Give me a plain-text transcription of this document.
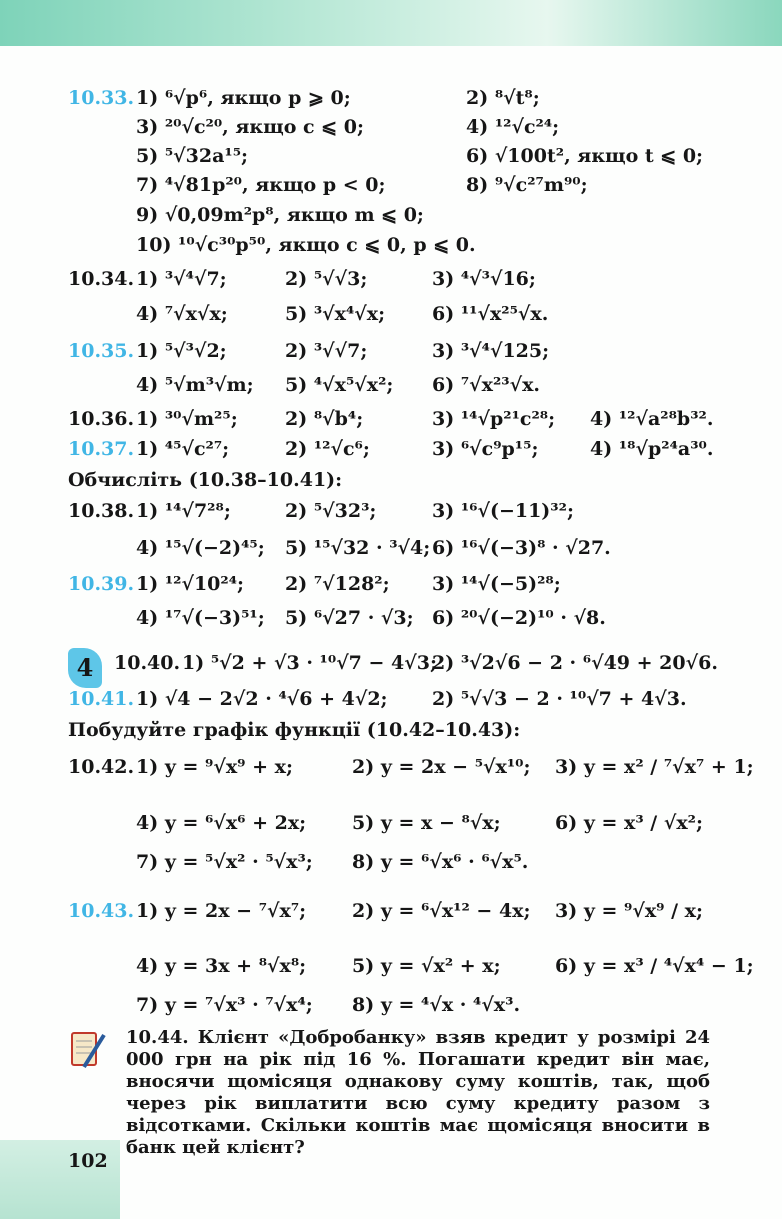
10.33. 1) ⁶√p⁶, якщо p ⩾ 0;	2) ⁸√t⁸;
3) ²⁰√c²⁰, якщо c ⩽ 0;	4) ¹²√c²⁴;
5) ⁵√32a¹⁵;	6) √100t², якщо t ⩽ 0;
7) ⁴√81p²⁰, якщо p < 0;	8) ⁹√c²⁷m⁹⁰;
9) √0,09m²p⁸, якщо m ⩽ 0;
10) ¹⁰√c³⁰p⁵⁰, якщо c ⩽ 0, p ⩽ 0.
10.34. 1) ³√⁴√7;	2) ⁵√√3;	3) ⁴√³√16;
4) ⁷√x√x;	5) ³√x⁴√x; 6) ¹¹√x²⁵√x.
10.35. 1) ⁵√³√2;	2) ³√√7;	3) ³√⁴√125;
4) ⁵√m³√m; 5) ⁴√x⁵√x²; 6) ⁷√x²³√x.
10.36. 1) ³⁰√m²⁵; 2) ⁸√b⁴;	3) ¹⁴√p²¹c²⁸; 4) ¹²√a²⁸b³².
10.37. 1) ⁴⁵√c²⁷;	2) ¹²√c⁶;	3) ⁶√c⁹p¹⁵;	4) ¹⁸√p²⁴a³⁰.
Обчисліть (10.38–10.41):
10.38. 1) ¹⁴√7²⁸;	2) ⁵√32³;	3) ¹⁶√(−11)³²;
4) ¹⁵√(−2)⁴⁵; 5) ¹⁵√32 · ³√4; 6) ¹⁶√(−3)⁸ · √27.
10.39. 1) ¹²√10²⁴; 2) ⁷√128²; 3) ¹⁴√(−5)²⁸;
4) ¹⁷√(−3)⁵¹; 5) ⁶√27 · √3; 6) ²⁰√(−2)¹⁰ · √8.
10.40. 1) ⁵√2 + √3 · ¹⁰√7 − 4√3;
2) ³√2√6 − 2 · ⁶√49 + 20√6.
10.41. 1) √4 − 2√2 · ⁴√6 + 4√2; 2) ⁵√√3 − 2 · ¹⁰√7 + 4√3.
Побудуйте графік функції (10.42–10.43):
10.42. 1) y = ⁹√x⁹ + x;	2) y = 2x − ⁵√x¹⁰; 3) y = x² / ⁷√x⁷ + 1;
4) y = ⁶√x⁶ + 2x; 5) y = x − ⁸√x;	6) y = x³ / √x²;
7) y = ⁵√x² · ⁵√x³; 8) y = ⁶√x⁶ · ⁶√x⁵.
10.43. 1) y = 2x − ⁷√x⁷; 2) y = ⁶√x¹² − 4x; 3) y = ⁹√x⁹ / x;
4) y = 3x + ⁸√x⁸; 5) y = √x² + x;	6) y = x³ / ⁴√x⁴ − 1;
7) y = ⁷√x³ · ⁷√x⁴; 8) y = ⁴√x · ⁴√x³.
4
10.44. Клієнт «Добробанку» взяв кредит у розмірі 24 000 грн на рік під 16 %. Погашати кредит він має, вносячи щомісяця однакову суму коштів, так, щоб через рік виплатити всю суму кредиту разом з відсотками. Скільки коштів має щомісяця вносити в банк цей клієнт?
102
